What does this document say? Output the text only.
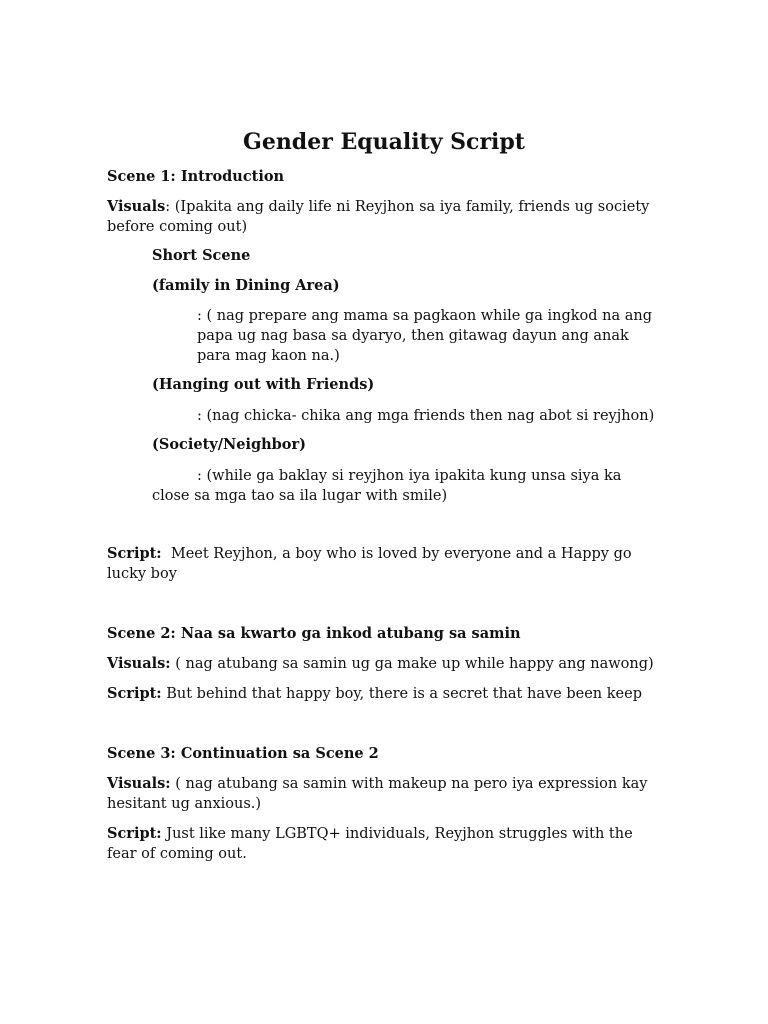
Gender Equality Script
Scene 1: Introduction
Visuals: (Ipakita ang daily life ni Reyjhon sa iya family, friends ug society
before coming out)
Short Scene
(family in Dining Area)
: ( nag prepare ang mama sa pagkaon while ga ingkod na ang
papa ug nag basa sa dyaryo, then gitawag dayun ang anak
para mag kaon na.)
(Hanging out with Friends)
: (nag chicka- chika ang mga friends then nag abot si reyjhon)
(Society/Neighbor)
: (while ga baklay si reyjhon iya ipakita kung unsa siya ka
close sa mga tao sa ila lugar with smile)
Script:  Meet Reyjhon, a boy who is loved by everyone and a Happy go
lucky boy
Scene 2: Naa sa kwarto ga inkod atubang sa samin
Visuals: ( nag atubang sa samin ug ga make up while happy ang nawong)
Script: But behind that happy boy, there is a secret that have been keep
Scene 3: Continuation sa Scene 2
Visuals: ( nag atubang sa samin with makeup na pero iya expression kay
hesitant ug anxious.)
Script: Just like many LGBTQ+ individuals, Reyjhon struggles with the
fear of coming out.
